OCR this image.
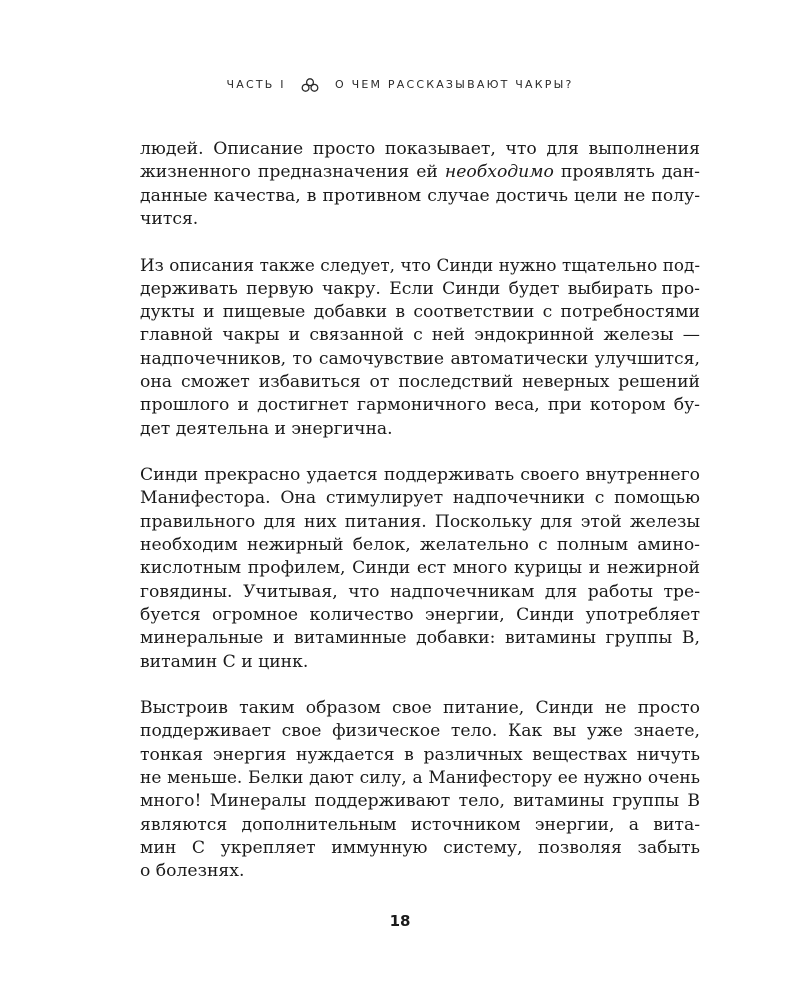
ЧАСТЬ I	О ЧЕМ РАССКАЗЫВАЮТ ЧАКРЫ?

людей. Описание просто показывает, что для выполнения
жизненного предназначения ей необходимо проявлять дан-
данные качества, в противном случае достичь цели не полу-
чится.

Из описания также следует, что Синди нужно тщательно под-
держивать первую чакру. Если Синди будет выбирать про-
дукты и пищевые добавки в соответствии с потребностями
главной чакры и связанной с ней эндокринной железы —
надпочечников, то самочувствие автоматически улучшится,
она сможет избавиться от последствий неверных решений
прошлого и достигнет гармоничного веса, при котором бу-
дет деятельна и энергична.

Синди прекрасно удается поддерживать своего внутреннего
Манифестора. Она стимулирует надпочечники с помощью
правильного для них питания. Поскольку для этой железы
необходим нежирный белок, желательно с полным амино-
кислотным профилем, Синди ест много курицы и нежирной
говядины. Учитывая, что надпочечникам для работы тре-
буется огромное количество энергии, Синди употребляет
минеральные и витаминные добавки: витамины группы B,
витамин C и цинк.

Выстроив таким образом свое питание, Синди не просто
поддерживает свое физическое тело. Как вы уже знаете,
тонкая энергия нуждается в различных веществах ничуть
не меньше. Белки дают силу, а Манифестору ее нужно очень
много! Минералы поддерживают тело, витамины группы B
являются дополнительным источником энергии, а вита-
мин C укрепляет иммунную систему, позволяя забыть
о болезнях.

18
